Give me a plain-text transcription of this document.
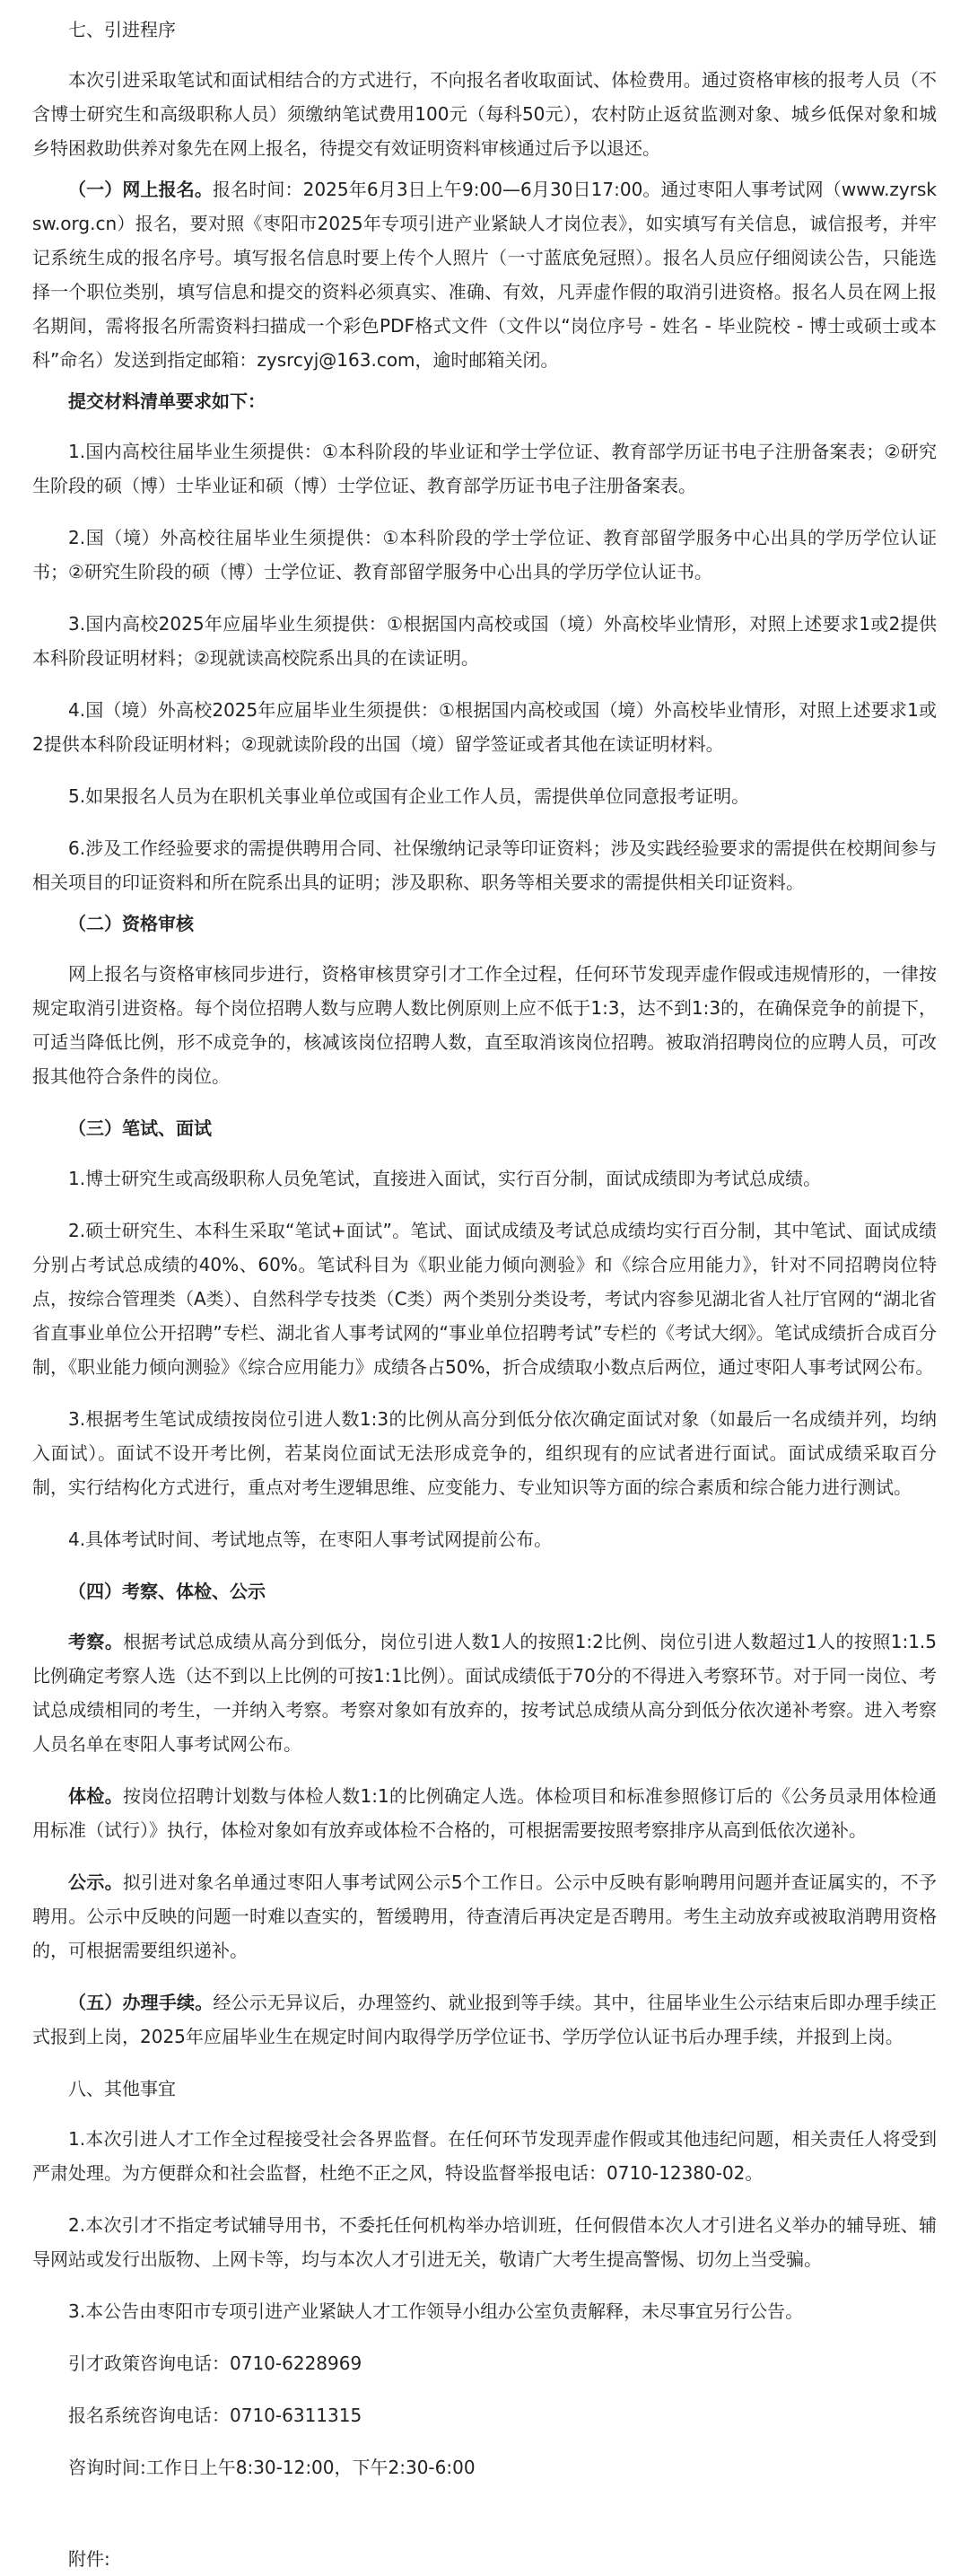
七、引进程序

本次引进采取笔试和面试相结合的方式进行，不向报名者收取面试、体检费用。通过资格审核的报考人员（不含博士研究生和高级职称人员）须缴纳笔试费用100元（每科50元），农村防止返贫监测对象、城乡低保对象和城乡特困救助供养对象先在网上报名，待提交有效证明资料审核通过后予以退还。

（一）网上报名。报名时间：2025年6月3日上午9:00—6月30日17:00。通过枣阳人事考试网（www.zyrsksw.org.cn）报名，要对照《枣阳市2025年专项引进产业紧缺人才岗位表》，如实填写有关信息，诚信报考，并牢记系统生成的报名序号。填写报名信息时要上传个人照片（一寸蓝底免冠照）。报名人员应仔细阅读公告，只能选择一个职位类别，填写信息和提交的资料必须真实、准确、有效，凡弄虚作假的取消引进资格。报名人员在网上报名期间，需将报名所需资料扫描成一个彩色PDF格式文件（文件以“岗位序号 - 姓名 - 毕业院校 - 博士或硕士或本科”命名）发送到指定邮箱：zysrcyj@163.com，逾时邮箱关闭。

提交材料清单要求如下：

1.国内高校往届毕业生须提供：①本科阶段的毕业证和学士学位证、教育部学历证书电子注册备案表；②研究生阶段的硕（博）士毕业证和硕（博）士学位证、教育部学历证书电子注册备案表。

2.国（境）外高校往届毕业生须提供：①本科阶段的学士学位证、教育部留学服务中心出具的学历学位认证书；②研究生阶段的硕（博）士学位证、教育部留学服务中心出具的学历学位认证书。

3.国内高校2025年应届毕业生须提供：①根据国内高校或国（境）外高校毕业情形，对照上述要求1或2提供本科阶段证明材料；②现就读高校院系出具的在读证明。

4.国（境）外高校2025年应届毕业生须提供：①根据国内高校或国（境）外高校毕业情形，对照上述要求1或2提供本科阶段证明材料；②现就读阶段的出国（境）留学签证或者其他在读证明材料。

5.如果报名人员为在职机关事业单位或国有企业工作人员，需提供单位同意报考证明。

6.涉及工作经验要求的需提供聘用合同、社保缴纳记录等印证资料；涉及实践经验要求的需提供在校期间参与相关项目的印证资料和所在院系出具的证明；涉及职称、职务等相关要求的需提供相关印证资料。

（二）资格审核

网上报名与资格审核同步进行，资格审核贯穿引才工作全过程，任何环节发现弄虚作假或违规情形的，一律按规定取消引进资格。每个岗位招聘人数与应聘人数比例原则上应不低于1:3，达不到1:3的，在确保竞争的前提下，可适当降低比例，形不成竞争的，核减该岗位招聘人数，直至取消该岗位招聘。被取消招聘岗位的应聘人员，可改报其他符合条件的岗位。

（三）笔试、面试

1.博士研究生或高级职称人员免笔试，直接进入面试，实行百分制，面试成绩即为考试总成绩。

2.硕士研究生、本科生采取“笔试+面试”。笔试、面试成绩及考试总成绩均实行百分制，其中笔试、面试成绩分别占考试总成绩的40%、60%。笔试科目为《职业能力倾向测验》和《综合应用能力》，针对不同招聘岗位特点，按综合管理类（A类）、自然科学专技类（C类）两个类别分类设考，考试内容参见湖北省人社厅官网的“湖北省省直事业单位公开招聘”专栏、湖北省人事考试网的“事业单位招聘考试”专栏的《考试大纲》。笔试成绩折合成百分制，《职业能力倾向测验》《综合应用能力》成绩各占50%，折合成绩取小数点后两位，通过枣阳人事考试网公布。

3.根据考生笔试成绩按岗位引进人数1:3的比例从高分到低分依次确定面试对象（如最后一名成绩并列，均纳入面试）。面试不设开考比例，若某岗位面试无法形成竞争的，组织现有的应试者进行面试。面试成绩采取百分制，实行结构化方式进行，重点对考生逻辑思维、应变能力、专业知识等方面的综合素质和综合能力进行测试。

4.具体考试时间、考试地点等，在枣阳人事考试网提前公布。

（四）考察、体检、公示

考察。根据考试总成绩从高分到低分，岗位引进人数1人的按照1:2比例、岗位引进人数超过1人的按照1:1.5比例确定考察人选（达不到以上比例的可按1:1比例）。面试成绩低于70分的不得进入考察环节。对于同一岗位、考试总成绩相同的考生，一并纳入考察。考察对象如有放弃的，按考试总成绩从高分到低分依次递补考察。进入考察人员名单在枣阳人事考试网公布。

体检。按岗位招聘计划数与体检人数1:1的比例确定人选。体检项目和标准参照修订后的《公务员录用体检通用标准（试行）》执行，体检对象如有放弃或体检不合格的，可根据需要按照考察排序从高到低依次递补。

公示。拟引进对象名单通过枣阳人事考试网公示5个工作日。公示中反映有影响聘用问题并查证属实的，不予聘用。公示中反映的问题一时难以查实的，暂缓聘用，待查清后再决定是否聘用。考生主动放弃或被取消聘用资格的，可根据需要组织递补。

（五）办理手续。经公示无异议后，办理签约、就业报到等手续。其中，往届毕业生公示结束后即办理手续正式报到上岗，2025年应届毕业生在规定时间内取得学历学位证书、学历学位认证书后办理手续，并报到上岗。

八、其他事宜

1.本次引进人才工作全过程接受社会各界监督。在任何环节发现弄虚作假或其他违纪问题，相关责任人将受到严肃处理。为方便群众和社会监督，杜绝不正之风，特设监督举报电话：0710-12380-02。

2.本次引才不指定考试辅导用书，不委托任何机构举办培训班，任何假借本次人才引进名义举办的辅导班、辅导网站或发行出版物、上网卡等，均与本次人才引进无关，敬请广大考生提高警惕、切勿上当受骗。

3.本公告由枣阳市专项引进产业紧缺人才工作领导小组办公室负责解释，未尽事宜另行公告。

引才政策咨询电话：0710-6228969

报名系统咨询电话：0710-6311315

咨询时间:工作日上午8:30-12:00，下午2:30-6:00

附件:
